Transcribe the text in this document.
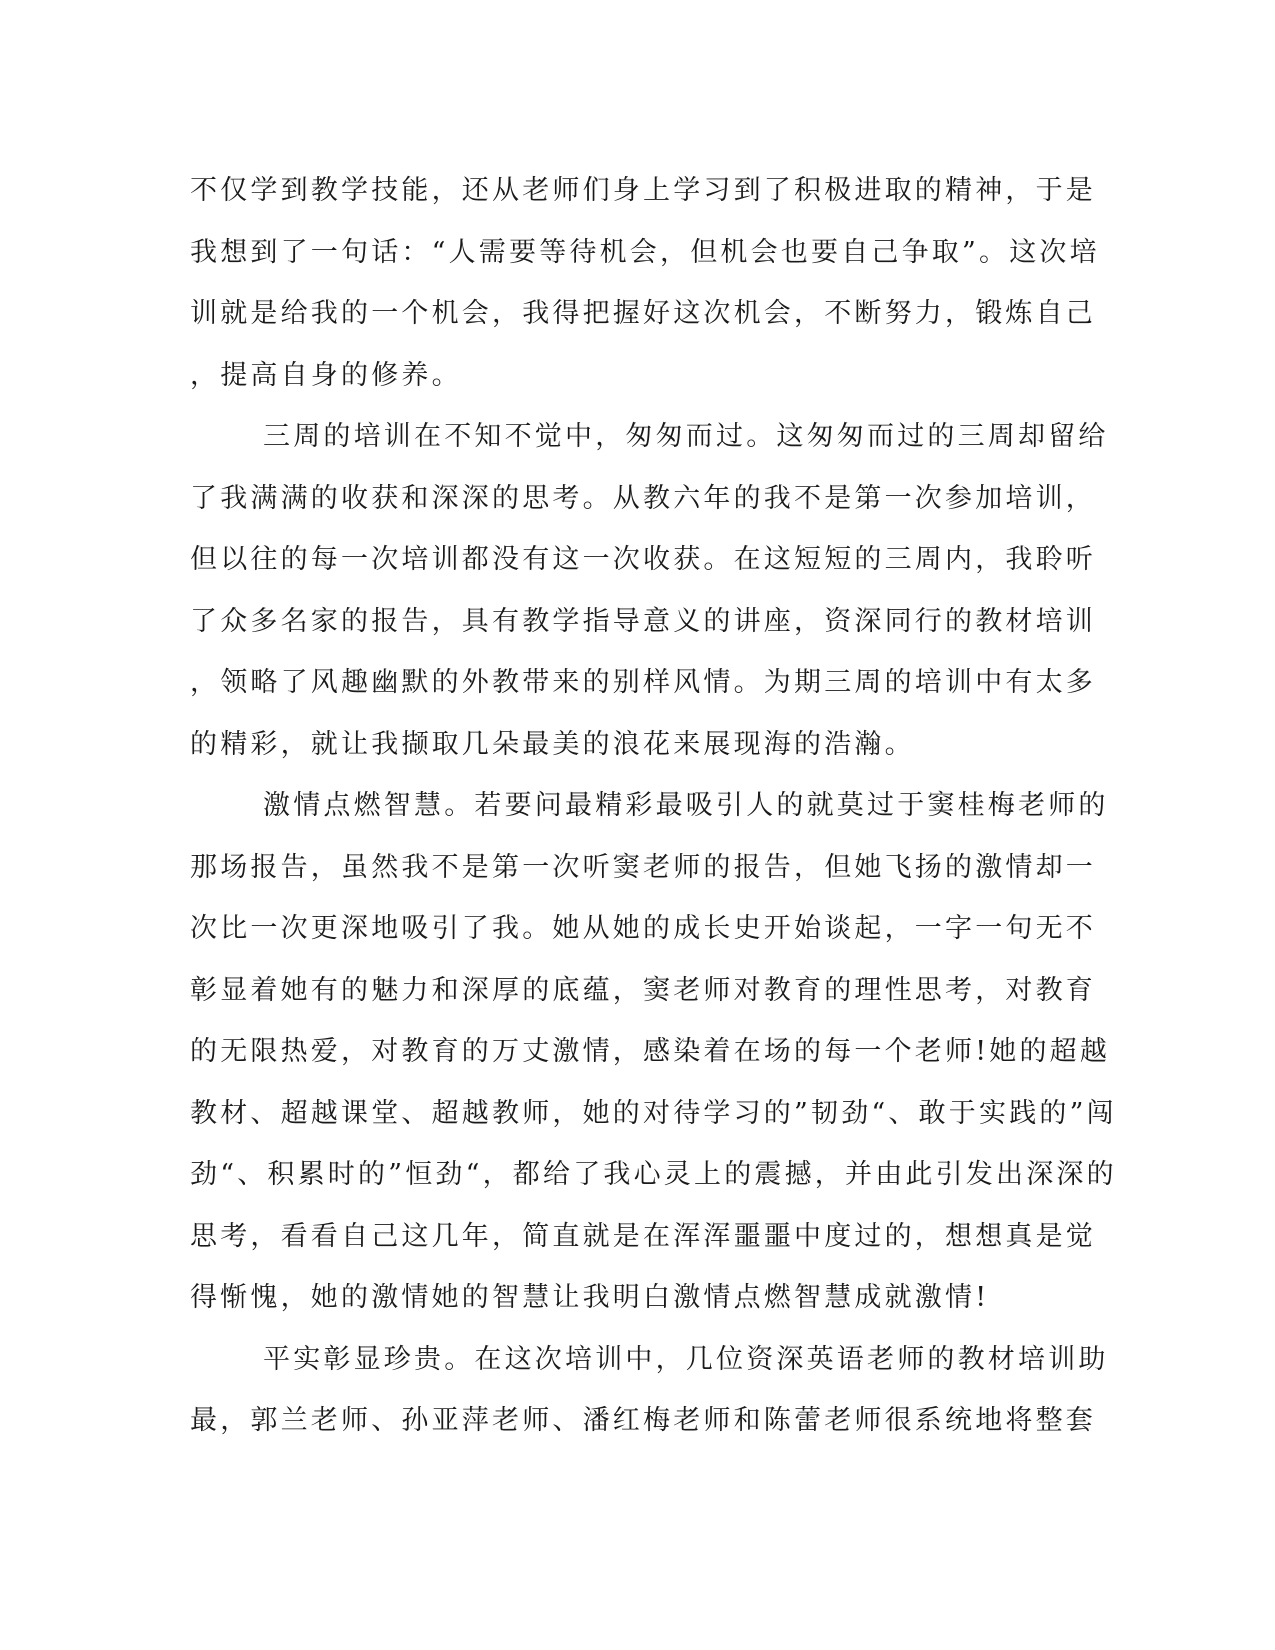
不仅学到教学技能，还从老师们身上学习到了积极进取的精神，于是
我想到了一句话：“人需要等待机会，但机会也要自己争取”。这次培
训就是给我的一个机会，我得把握好这次机会，不断努力，锻炼自己
，提高自身的修养。
三周的培训在不知不觉中，匆匆而过。这匆匆而过的三周却留给
了我满满的收获和深深的思考。从教六年的我不是第一次参加培训，
但以往的每一次培训都没有这一次收获。在这短短的三周内，我聆听
了众多名家的报告，具有教学指导意义的讲座，资深同行的教材培训
，领略了风趣幽默的外教带来的别样风情。为期三周的培训中有太多
的精彩，就让我撷取几朵最美的浪花来展现海的浩瀚。
激情点燃智慧。若要问最精彩最吸引人的就莫过于窦桂梅老师的
那场报告，虽然我不是第一次听窦老师的报告，但她飞扬的激情却一
次比一次更深地吸引了我。她从她的成长史开始谈起，一字一句无不
彰显着她有的魅力和深厚的底蕴，窦老师对教育的理性思考，对教育
的无限热爱，对教育的万丈激情，感染着在场的每一个老师!她的超越
教材、超越课堂、超越教师，她的对待学习的”韧劲“、敢于实践的”闯
劲“、积累时的”恒劲“，都给了我心灵上的震撼，并由此引发出深深的
思考，看看自己这几年，简直就是在浑浑噩噩中度过的，想想真是觉
得惭愧，她的激情她的智慧让我明白激情点燃智慧成就激情!
平实彰显珍贵。在这次培训中，几位资深英语老师的教材培训助
最，郭兰老师、孙亚萍老师、潘红梅老师和陈蕾老师很系统地将整套
